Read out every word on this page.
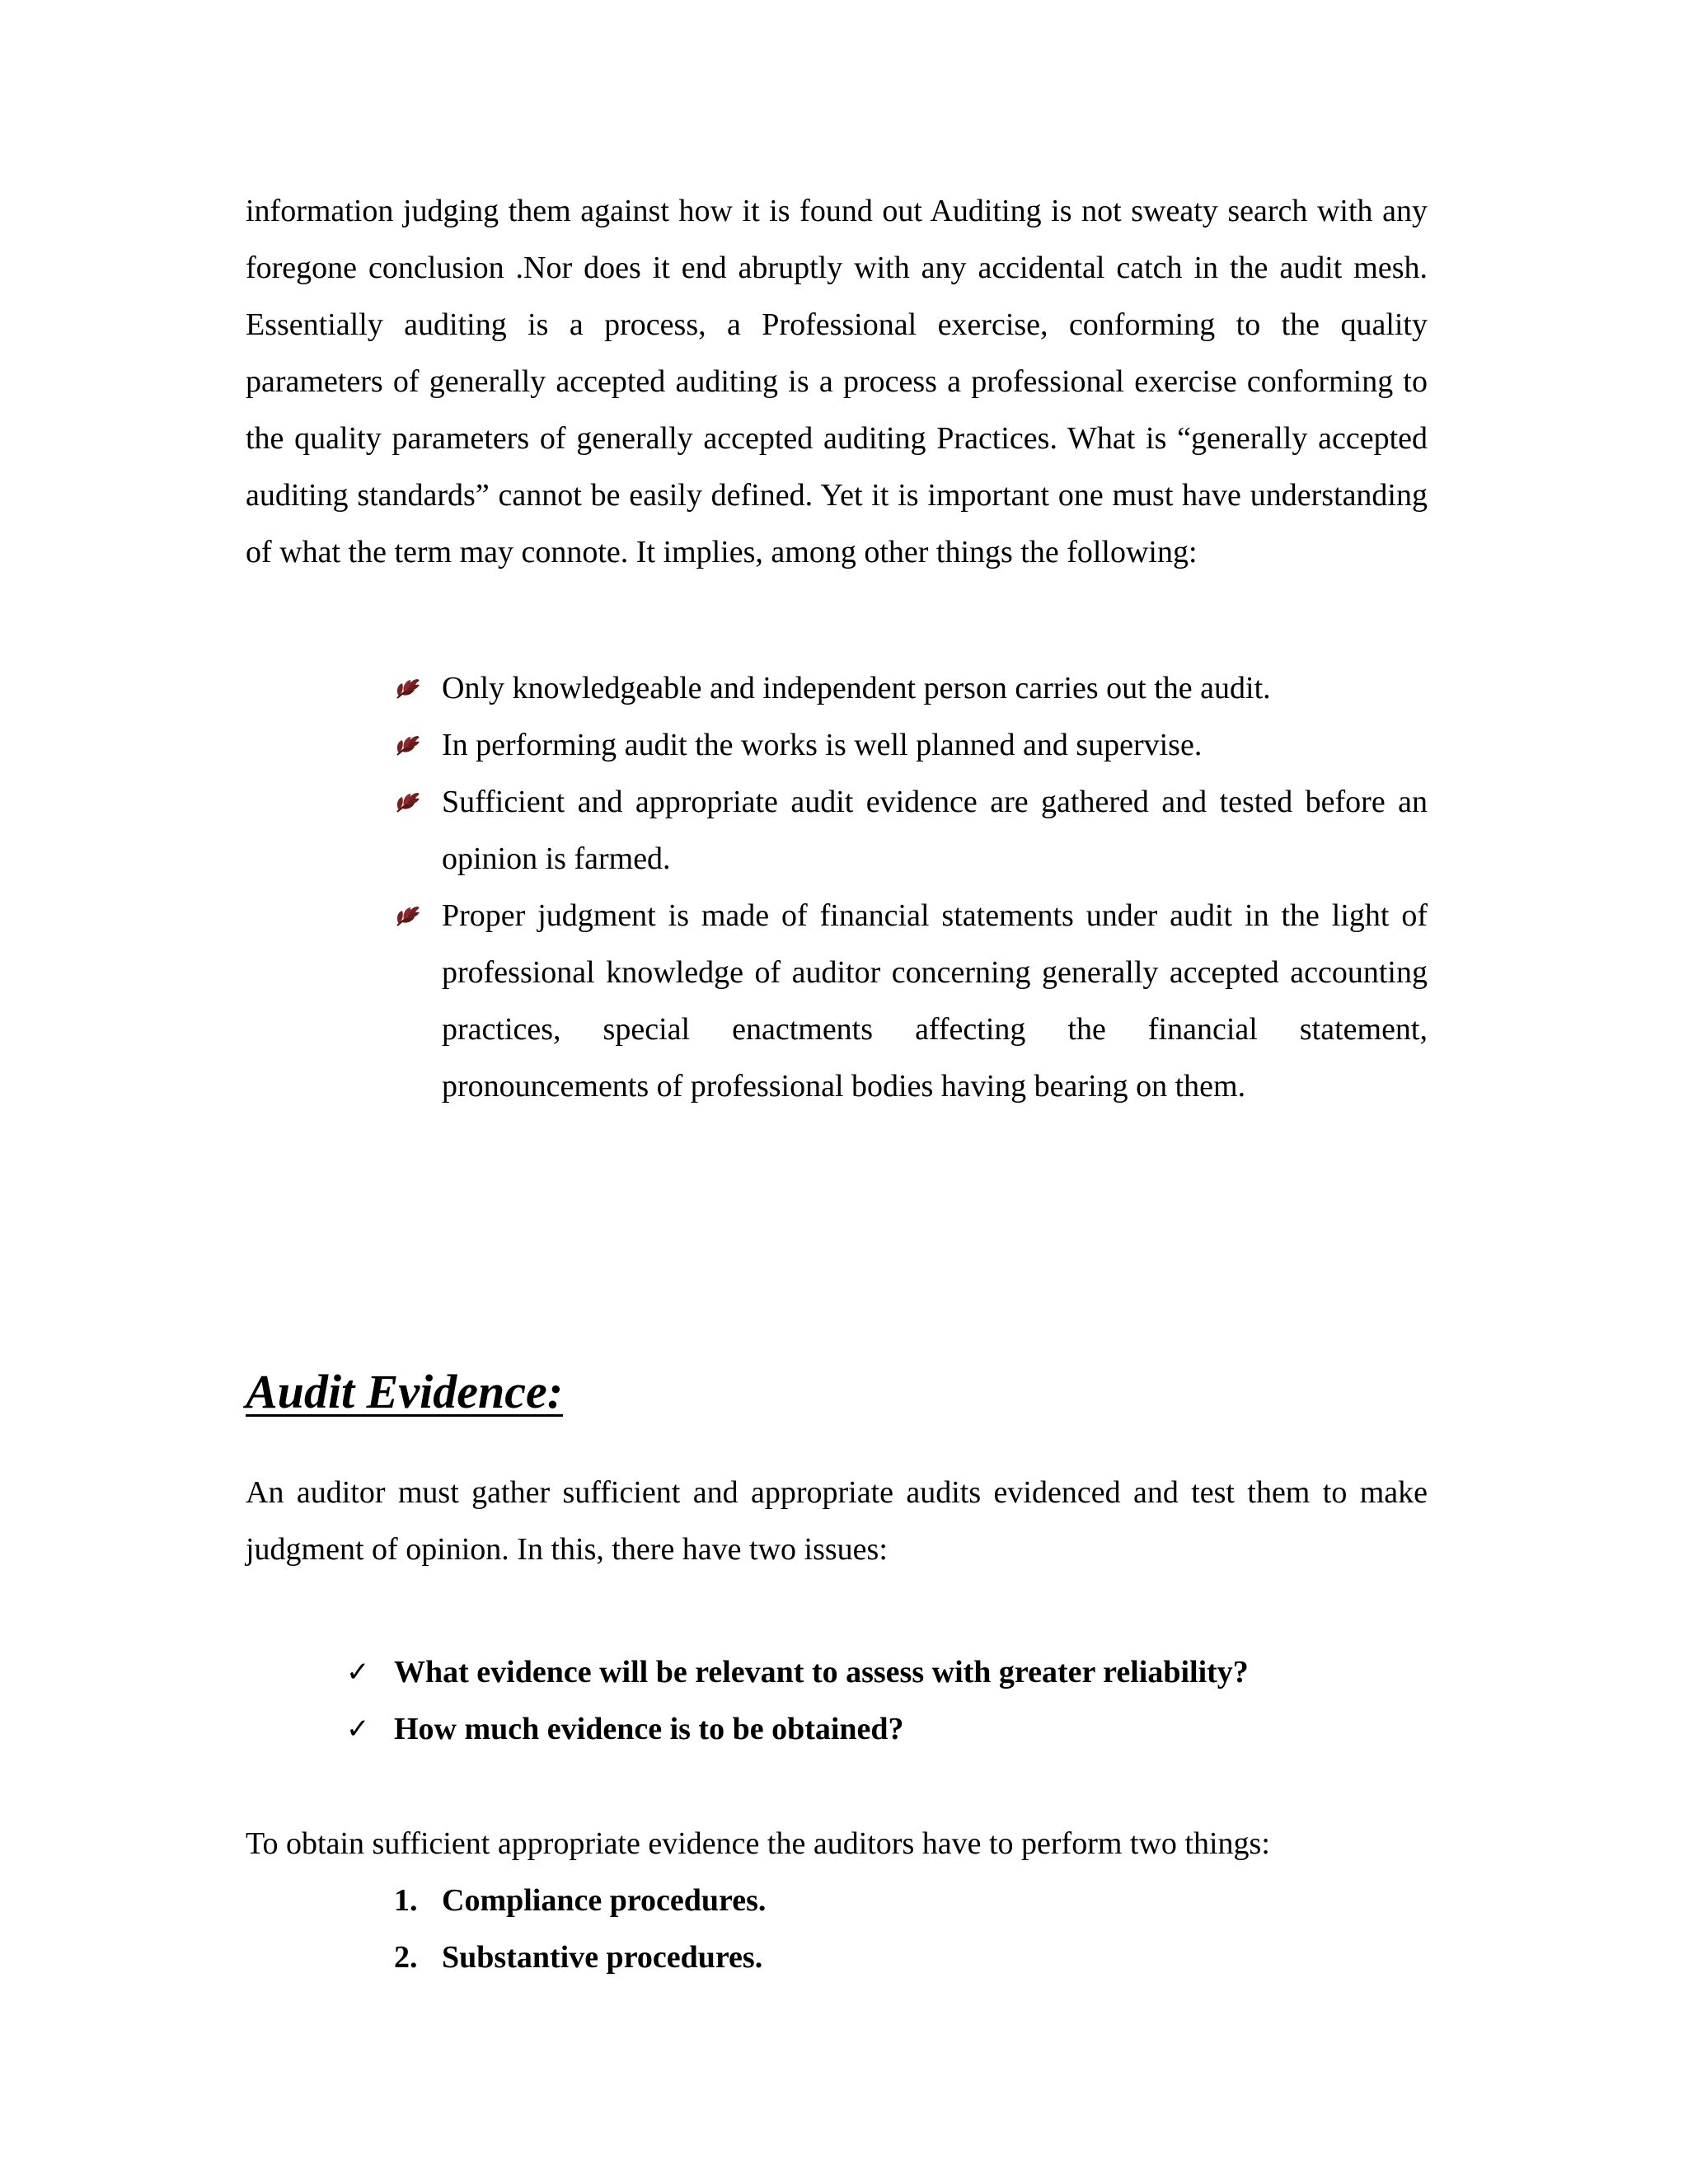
information judging them against how it is found out Auditing is not sweaty search with any foregone conclusion .Nor does it end abruptly with any accidental catch in the audit mesh. Essentially auditing is a process, a Professional exercise, conforming to the quality parameters of generally accepted auditing is a process a professional exercise conforming to the quality parameters of generally accepted auditing Practices. What is “generally accepted auditing standards” cannot be easily defined. Yet it is important one must have understanding of what the term may connote. It implies, among other things the following:

Only knowledgeable and independent person carries out the audit.
In performing audit the works is well planned and supervise.
Sufficient and appropriate audit evidence are gathered and tested before an opinion is farmed.
Proper judgment is made of financial statements under audit in the light of professional knowledge of auditor concerning generally accepted accounting practices, special enactments affecting the financial statement, pronouncements of professional bodies having bearing on them.
Audit Evidence:

An auditor must gather sufficient and appropriate audits evidenced and test them to make judgment of opinion. In this, there have two issues:

✓ What evidence will be relevant to assess with greater reliability?
✓ How much evidence is to be obtained?

To obtain sufficient appropriate evidence the auditors have to perform two things:

1. Compliance procedures.
2. Substantive procedures.
